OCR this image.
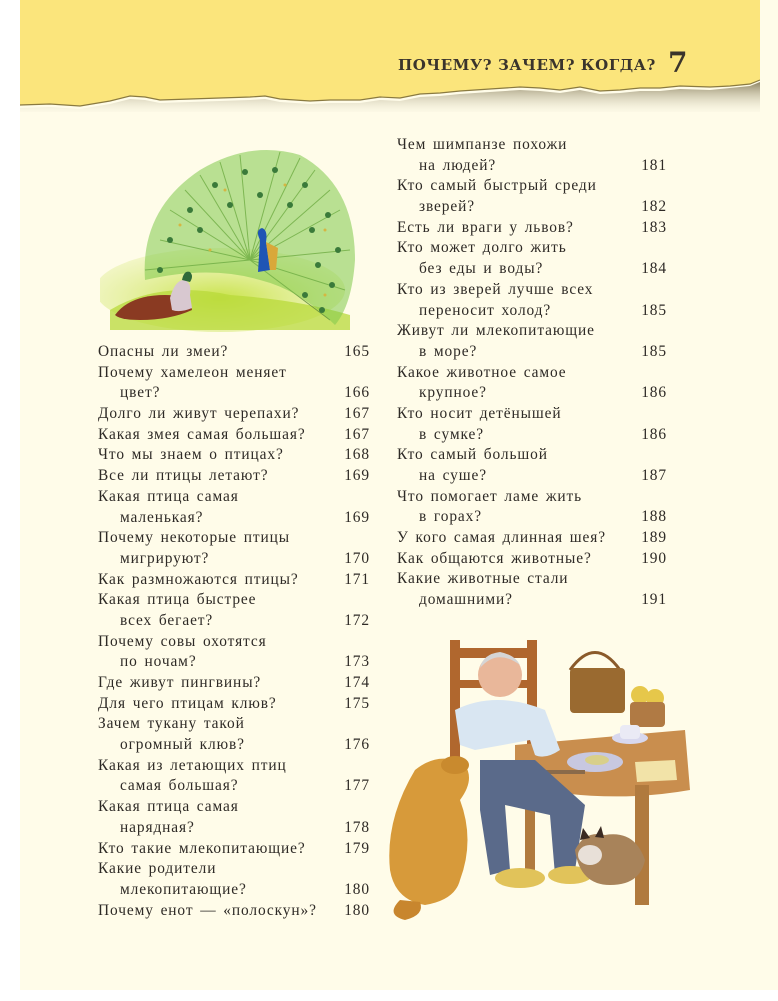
ПОЧЕМУ? ЗАЧЕМ? КОГДА? 7
Опасны ли змеи?	165
Почему хамелеон меняет
цвет?	166
Долго ли живут черепахи?	167
Какая змея самая большая?	167
Что мы знаем о птицах?	168
Все ли птицы летают?	169
Какая птица самая
маленькая?	169
Почему некоторые птицы
мигрируют?	170
Как размножаются птицы?	171
Какая птица быстрее
всех бегает?	172
Почему совы охотятся
по ночам?	173
Где живут пингвины?	174
Для чего птицам клюв?	175
Зачем тукану такой
огромный клюв?	176
Какая из летающих птиц
самая большая?	177
Какая птица самая
нарядная?	178
Кто такие млекопитающие?	179
Какие родители
млекопитающие?	180
Почему енот — «полоскун»? 180
Чем шимпанзе похожи
на людей?	181
Кто самый быстрый среди
зверей?	182
Есть ли враги у львов?	183
Кто может долго жить
без еды и воды?	184
Кто из зверей лучше всех
переносит холод?	185
Живут ли млекопитающие
в море?	185
Какое животное самое
крупное?	186
Кто носит детёнышей
в сумке?	186
Кто самый большой
на суше?	187
Что помогает ламе жить
в горах?	188
У кого самая длинная шея? 189
Как общаются животные?	190
Какие животные стали
домашними?	191
